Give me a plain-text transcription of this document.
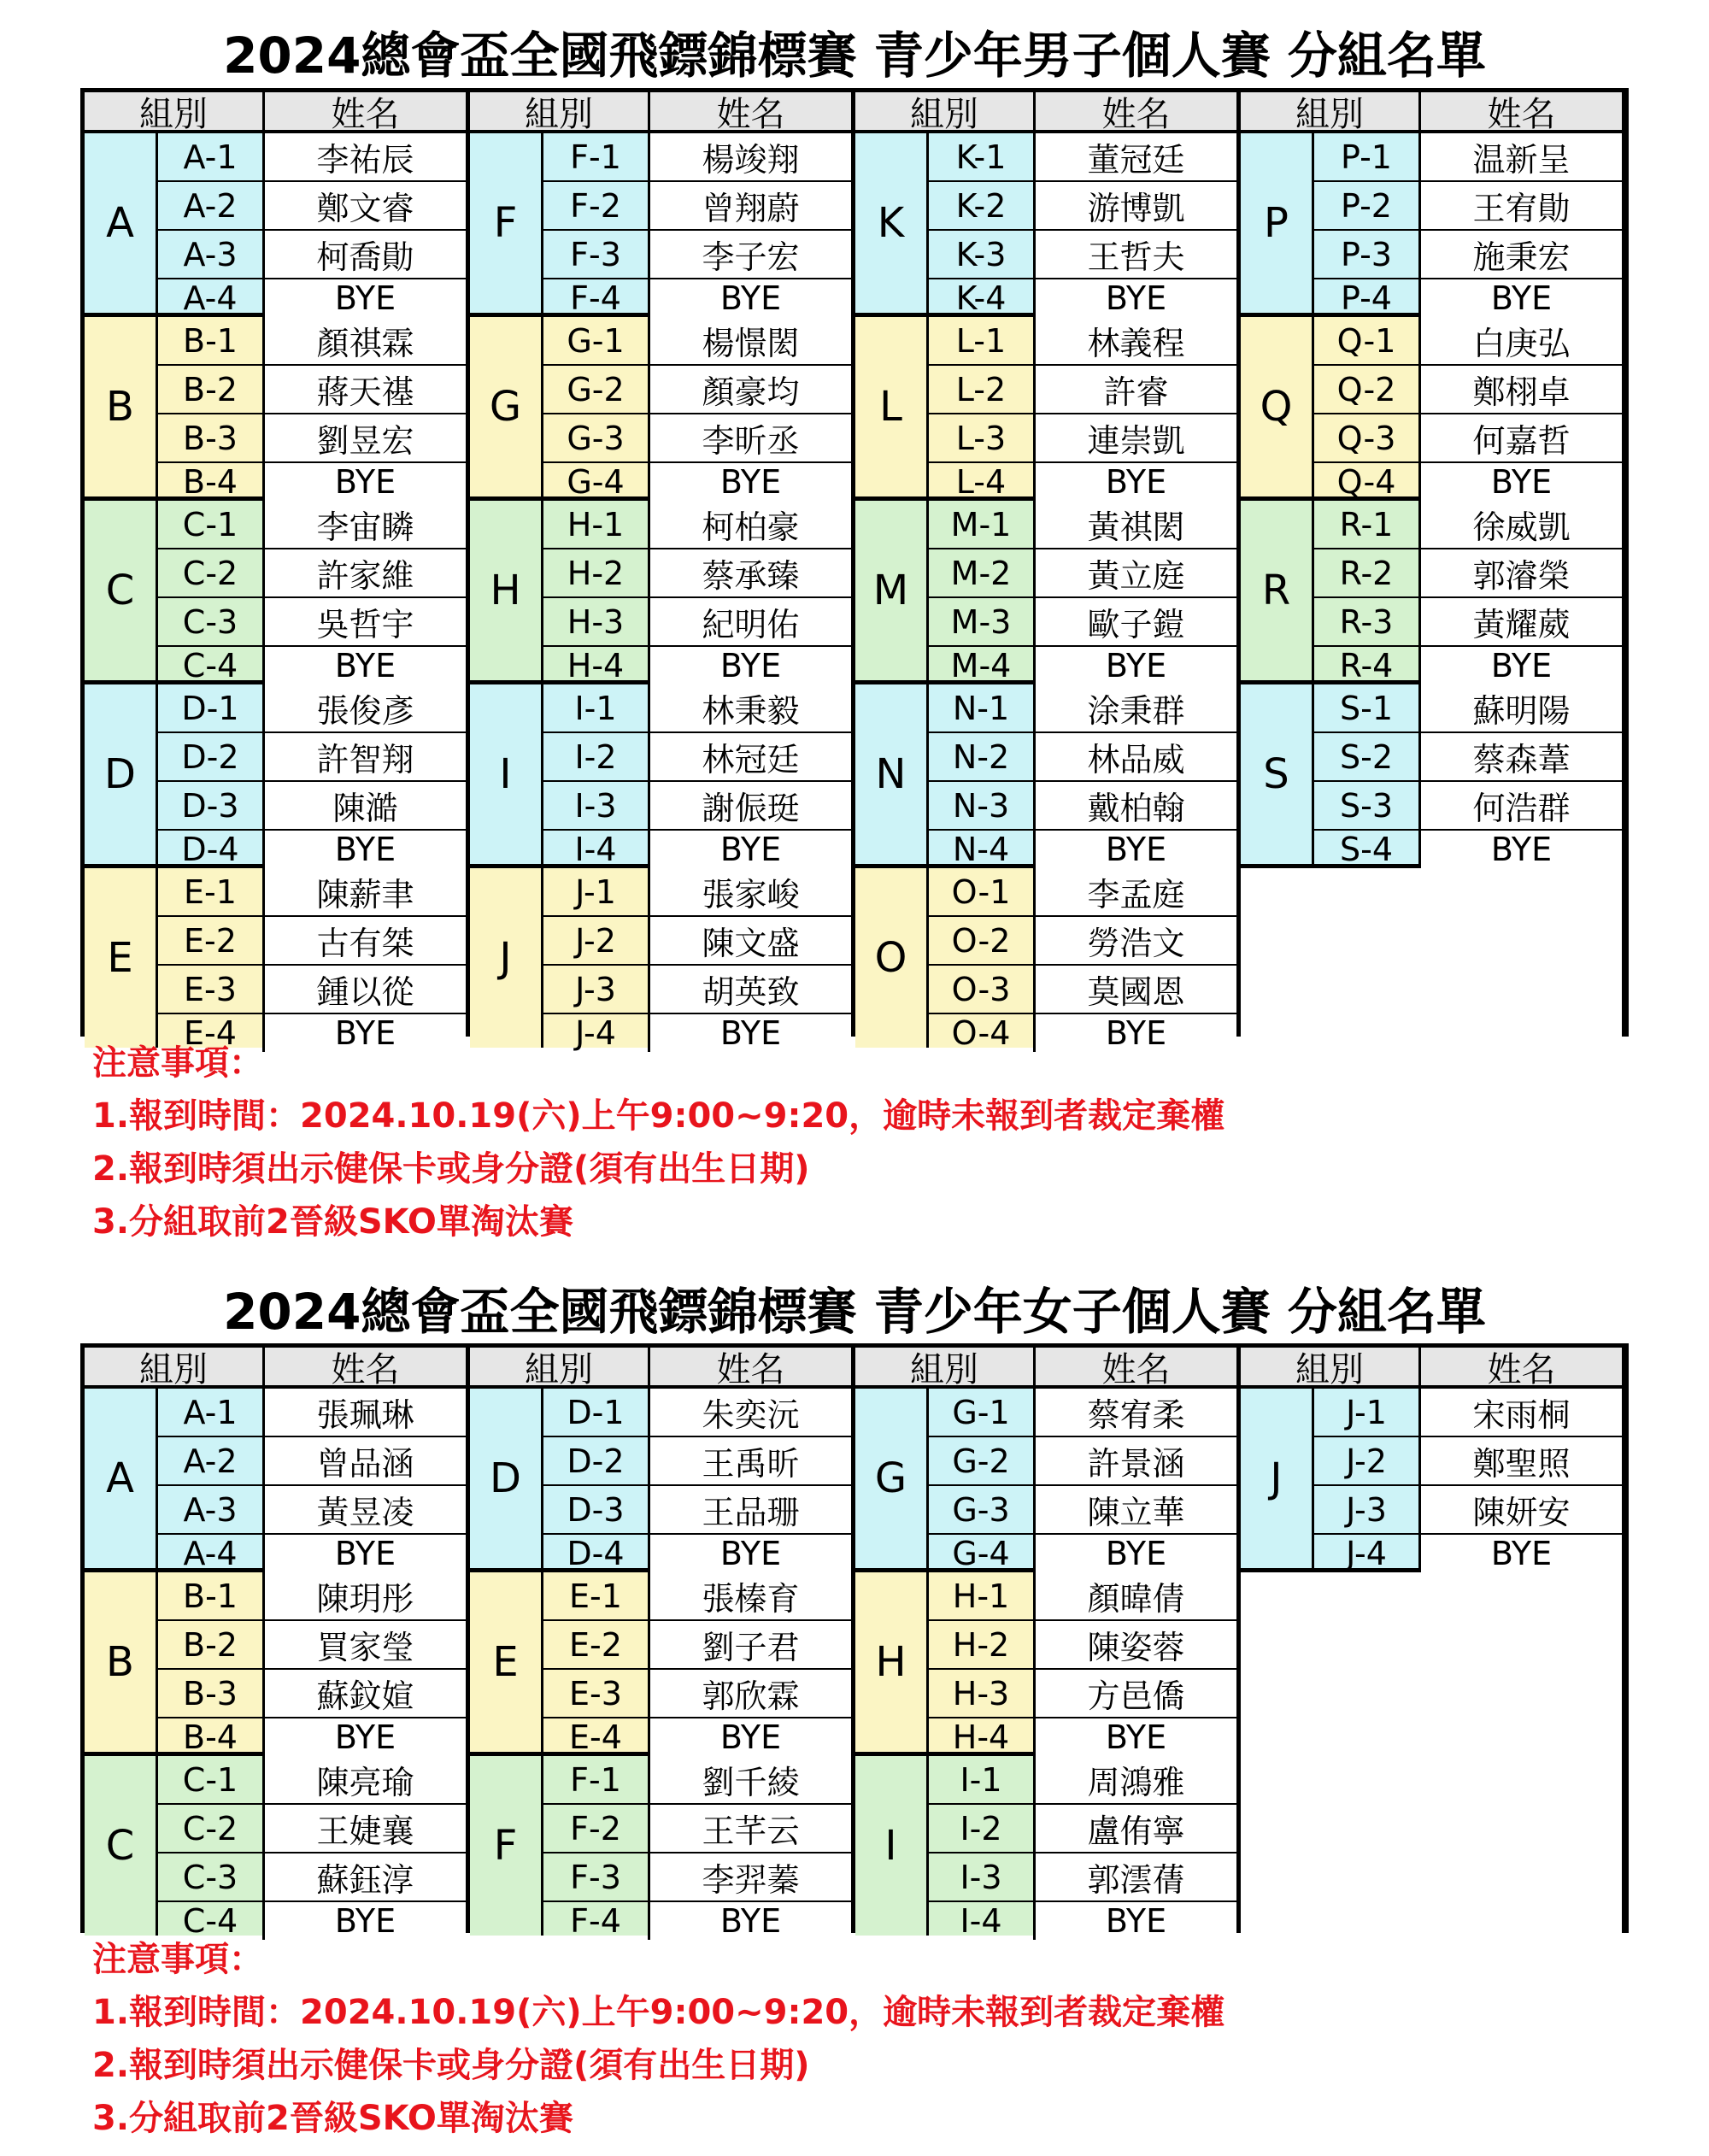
2024總會盃全國飛鏢錦標賽 青少年男子個人賽 分組名單
組別	姓名	組別	姓名	組別	姓名	組別	姓名
A
A-1	李祐辰
A-2	鄭文睿
A-3	柯喬勛
A-4	BYE
B
B-1	顏祺霖
B-2	蔣天禥
B-3	劉昱宏
B-4	BYE
C
C-1	李宙瞵
C-2	許家維
C-3	吳哲宇
C-4	BYE
D
D-1	張俊彥
D-2	許智翔
D-3	陳澔
D-4	BYE
E
E-1	陳薪聿
E-2	古有桀
E-3	鍾以從
E-4	BYE
F
F-1	楊竣翔
F-2	曾翔蔚
F-3	李子宏
F-4	BYE
G
G-1	楊憬閎
G-2	顏豪均
G-3	李昕丞
G-4	BYE
H
H-1	柯柏豪
H-2	蔡承臻
H-3	紀明佑
H-4	BYE
I
I-1	林秉毅
I-2	林冠廷
I-3	謝侲珽
I-4	BYE
J
J-1	張家峻
J-2	陳文盛
J-3	胡英致
J-4	BYE
K
K-1	董冠廷
K-2	游博凱
K-3	王哲夫
K-4	BYE
L
L-1	林義程
L-2	許睿
L-3	連崇凱
L-4	BYE
M
M-1	黃祺閎
M-2	黃立庭
M-3	歐子鎧
M-4	BYE
N
N-1	涂秉群
N-2	林品威
N-3	戴柏翰
N-4	BYE
O
O-1	李孟庭
O-2	勞浩文
O-3	莫國恩
O-4	BYE
P
P-1	温新呈
P-2	王宥勛
P-3	施秉宏
P-4	BYE
Q
Q-1	白庚弘
Q-2	鄭栩卓
Q-3	何嘉哲
Q-4	BYE
R
R-1	徐威凱
R-2	郭濬榮
R-3	黃耀葳
R-4	BYE
S
S-1	蘇明陽
S-2	蔡森葦
S-3	何浩群
S-4	BYE
注意事項：
1.報到時間：2024.10.19(六)上午9:00~9:20，逾時未報到者裁定棄權
2.報到時須出示健保卡或身分證(須有出生日期)
3.分組取前2晉級SKO單淘汰賽
2024總會盃全國飛鏢錦標賽 青少年女子個人賽 分組名單
組別	姓名	組別	姓名	組別	姓名	組別	姓名
A
A-1	張珮琳
A-2	曾品涵
A-3	黃昱凌
A-4	BYE
B
B-1	陳玥彤
B-2	買家瑩
B-3	蘇鈫媗
B-4	BYE
C
C-1	陳亮瑜
C-2	王婕襄
C-3	蘇鈺淳
C-4	BYE
D
D-1	朱奕沅
D-2	王禹昕
D-3	王品珊
D-4	BYE
E
E-1	張榛育
E-2	劉子君
E-3	郭欣霖
E-4	BYE
F
F-1	劉千綾
F-2	王芊云
F-3	李羿蓁
F-4	BYE
G
G-1	蔡宥柔
G-2	許景涵
G-3	陳立華
G-4	BYE
H
H-1	顏暐倩
H-2	陳姿蓉
H-3	方邑僑
H-4	BYE
I
I-1	周鴻雅
I-2	盧侑寧
I-3	郭澐蒨
I-4	BYE
J
J-1	宋雨桐
J-2	鄭聖照
J-3	陳妍安
J-4	BYE
注意事項：
1.報到時間：2024.10.19(六)上午9:00~9:20，逾時未報到者裁定棄權
2.報到時須出示健保卡或身分證(須有出生日期)
3.分組取前2晉級SKO單淘汰賽
